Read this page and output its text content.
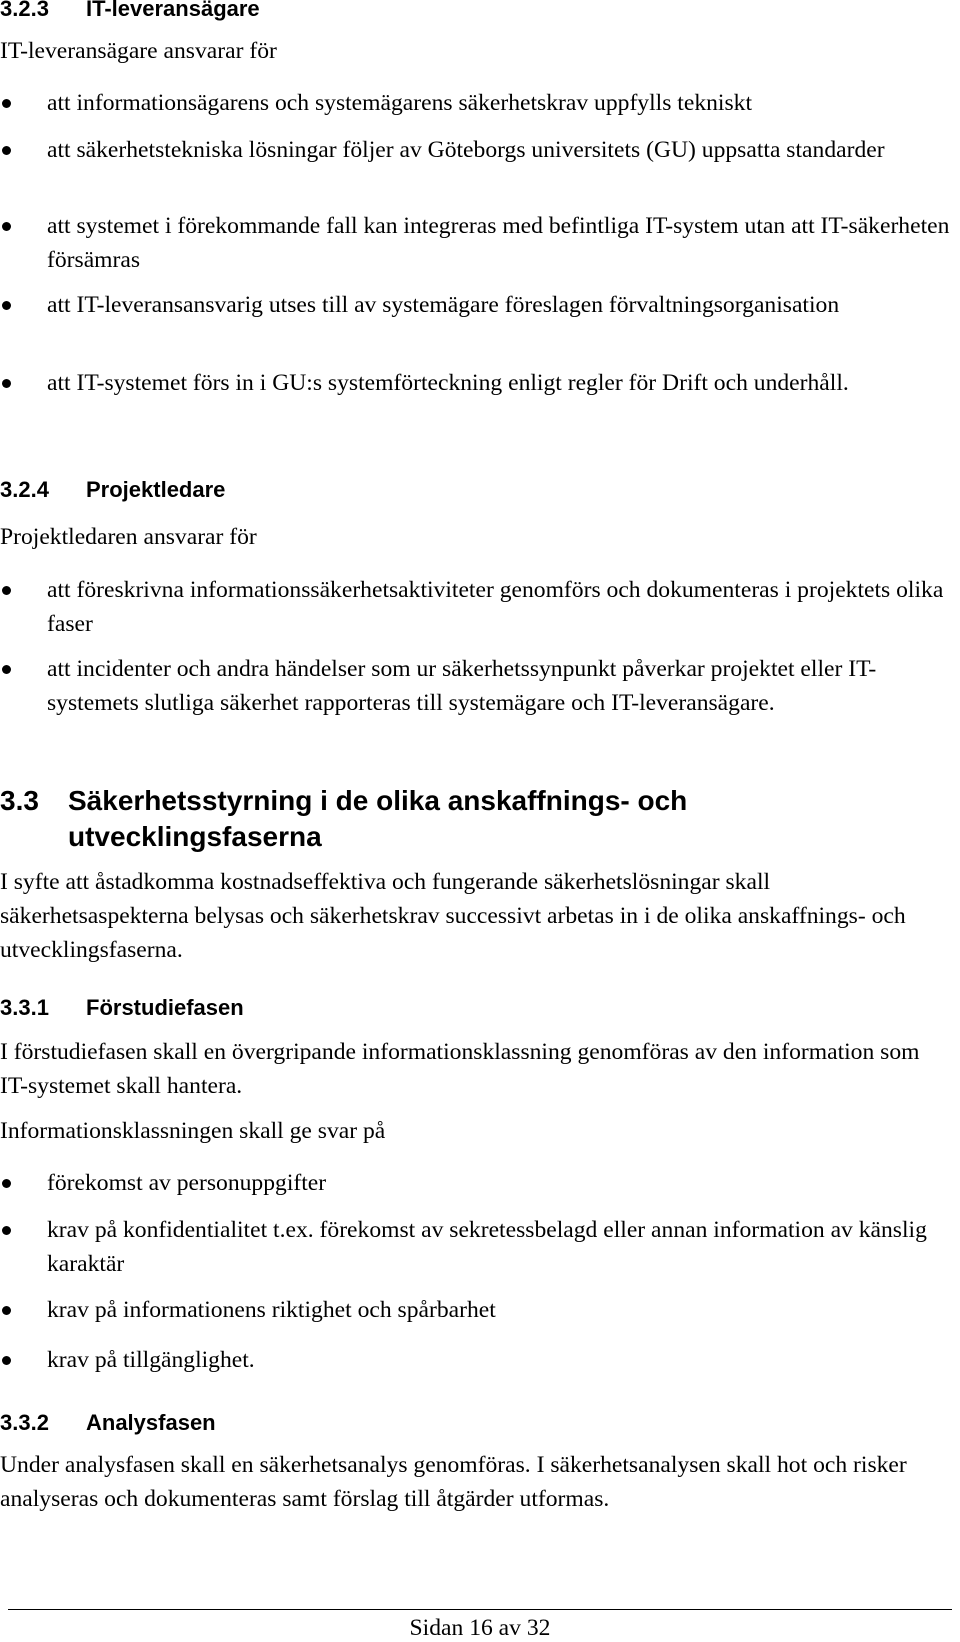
3.2.3 IT-leveransägare
IT-leveransägare ansvarar för
att informationsägarens och systemägarens säkerhetskrav uppfylls tekniskt
att säkerhetstekniska lösningar följer av Göteborgs universitets (GU) uppsatta standarder
att systemet i förekommande fall kan integreras med befintliga IT-system utan att IT-säkerheten försämras
att IT-leveransansvarig utses till av systemägare föreslagen förvaltningsorganisation
att IT-systemet förs in i GU:s systemförteckning enligt regler för Drift och underhåll.
3.2.4 Projektledare
Projektledaren ansvarar för
att föreskrivna informationssäkerhetsaktiviteter genomförs och dokumenteras i projektets olika faser
att incidenter och andra händelser som ur säkerhetssynpunkt påverkar projektet eller IT-systemets slutliga säkerhet rapporteras till systemägare och IT-leveransägare.
3.3 Säkerhetsstyrning i de olika anskaffnings- och utvecklingsfaserna
I syfte att åstadkomma kostnadseffektiva och fungerande säkerhetslösningar skall säkerhetsaspekterna belysas och säkerhetskrav successivt arbetas in i de olika anskaffnings- och utvecklingsfaserna.
3.3.1 Förstudiefasen
I förstudiefasen skall en övergripande informationsklassning genomföras av den information som IT-systemet skall hantera.
Informationsklassningen skall ge svar på
förekomst av personuppgifter
krav på konfidentialitet t.ex. förekomst av sekretessbelagd eller annan information av känslig karaktär
krav på informationens riktighet och spårbarhet
krav på tillgänglighet.
3.3.2 Analysfasen
Under analysfasen skall en säkerhetsanalys genomföras. I säkerhetsanalysen skall hot och risker analyseras och dokumenteras samt förslag till åtgärder utformas.
Sidan 16 av 32
